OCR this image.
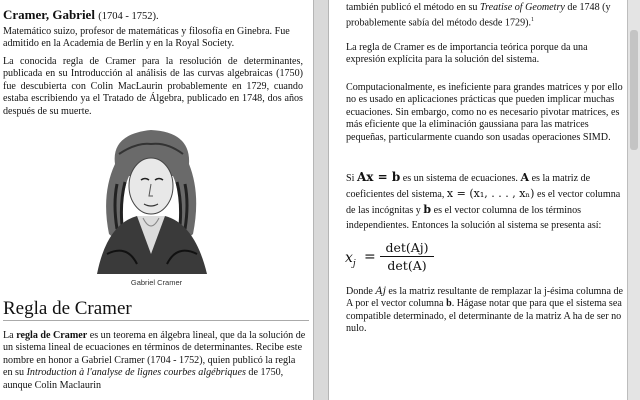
Cramer, Gabriel (1704 - 1752).

Matemático suizo, profesor de matemáticas y filosofía en Ginebra. Fue admitido en la Academia de Berlín y en la Royal Society.

La conocida regla de Cramer para la resolución de determinantes, publicada en su Introducción al análisis de las curvas algebraicas (1750) fue descubierta con Colin MacLaurin probablemente en 1729, cuando estaba escribiendo ya el Tratado de Álgebra, publicado en 1748, dos años después de su muerte.

Gabriel Cramer
Regla de Cramer

La regla de Cramer es un teorema en álgebra lineal, que da la solución de un sistema lineal de ecuaciones en términos de determinantes. Recibe este nombre en honor a Gabriel Cramer (1704 - 1752), quien publicó la regla en su Introduction à l'analyse de lignes courbes algébriques de 1750, aunque Colin Maclaurin

también publicó el método en su Treatise of Geometry de 1748 (y probablemente sabía del método desde 1729).$^1$

La regla de Cramer es de importancia teórica porque da una expresión explícita para la solución del sistema.

Computacionalmente, es ineficiente para grandes matrices y por ello no es usado en aplicaciones prácticas que pueden implicar muchas ecuaciones. Sin embargo, como no es necesario pivotar matrices, es más eficiente que la eliminación gaussiana para las matrices pequeñas, particularmente cuando son usadas operaciones SIMD.

Si Ax = b es un sistema de ecuaciones. A es la matriz de coeficientes del sistema, x = (x₁, . . . , xₙ) es el vector columna de las incógnitas y b es el vector columna de los términos independientes. Entonces la solución al sistema se presenta así:

$x_j$ =
det(Aj)
det(A)

Donde Aj es la matriz resultante de remplazar la j-ésima columna de A por el vector columna b. Hágase notar que para que el sistema sea compatible determinado, el determinante de la matriz A ha de ser no nulo.
